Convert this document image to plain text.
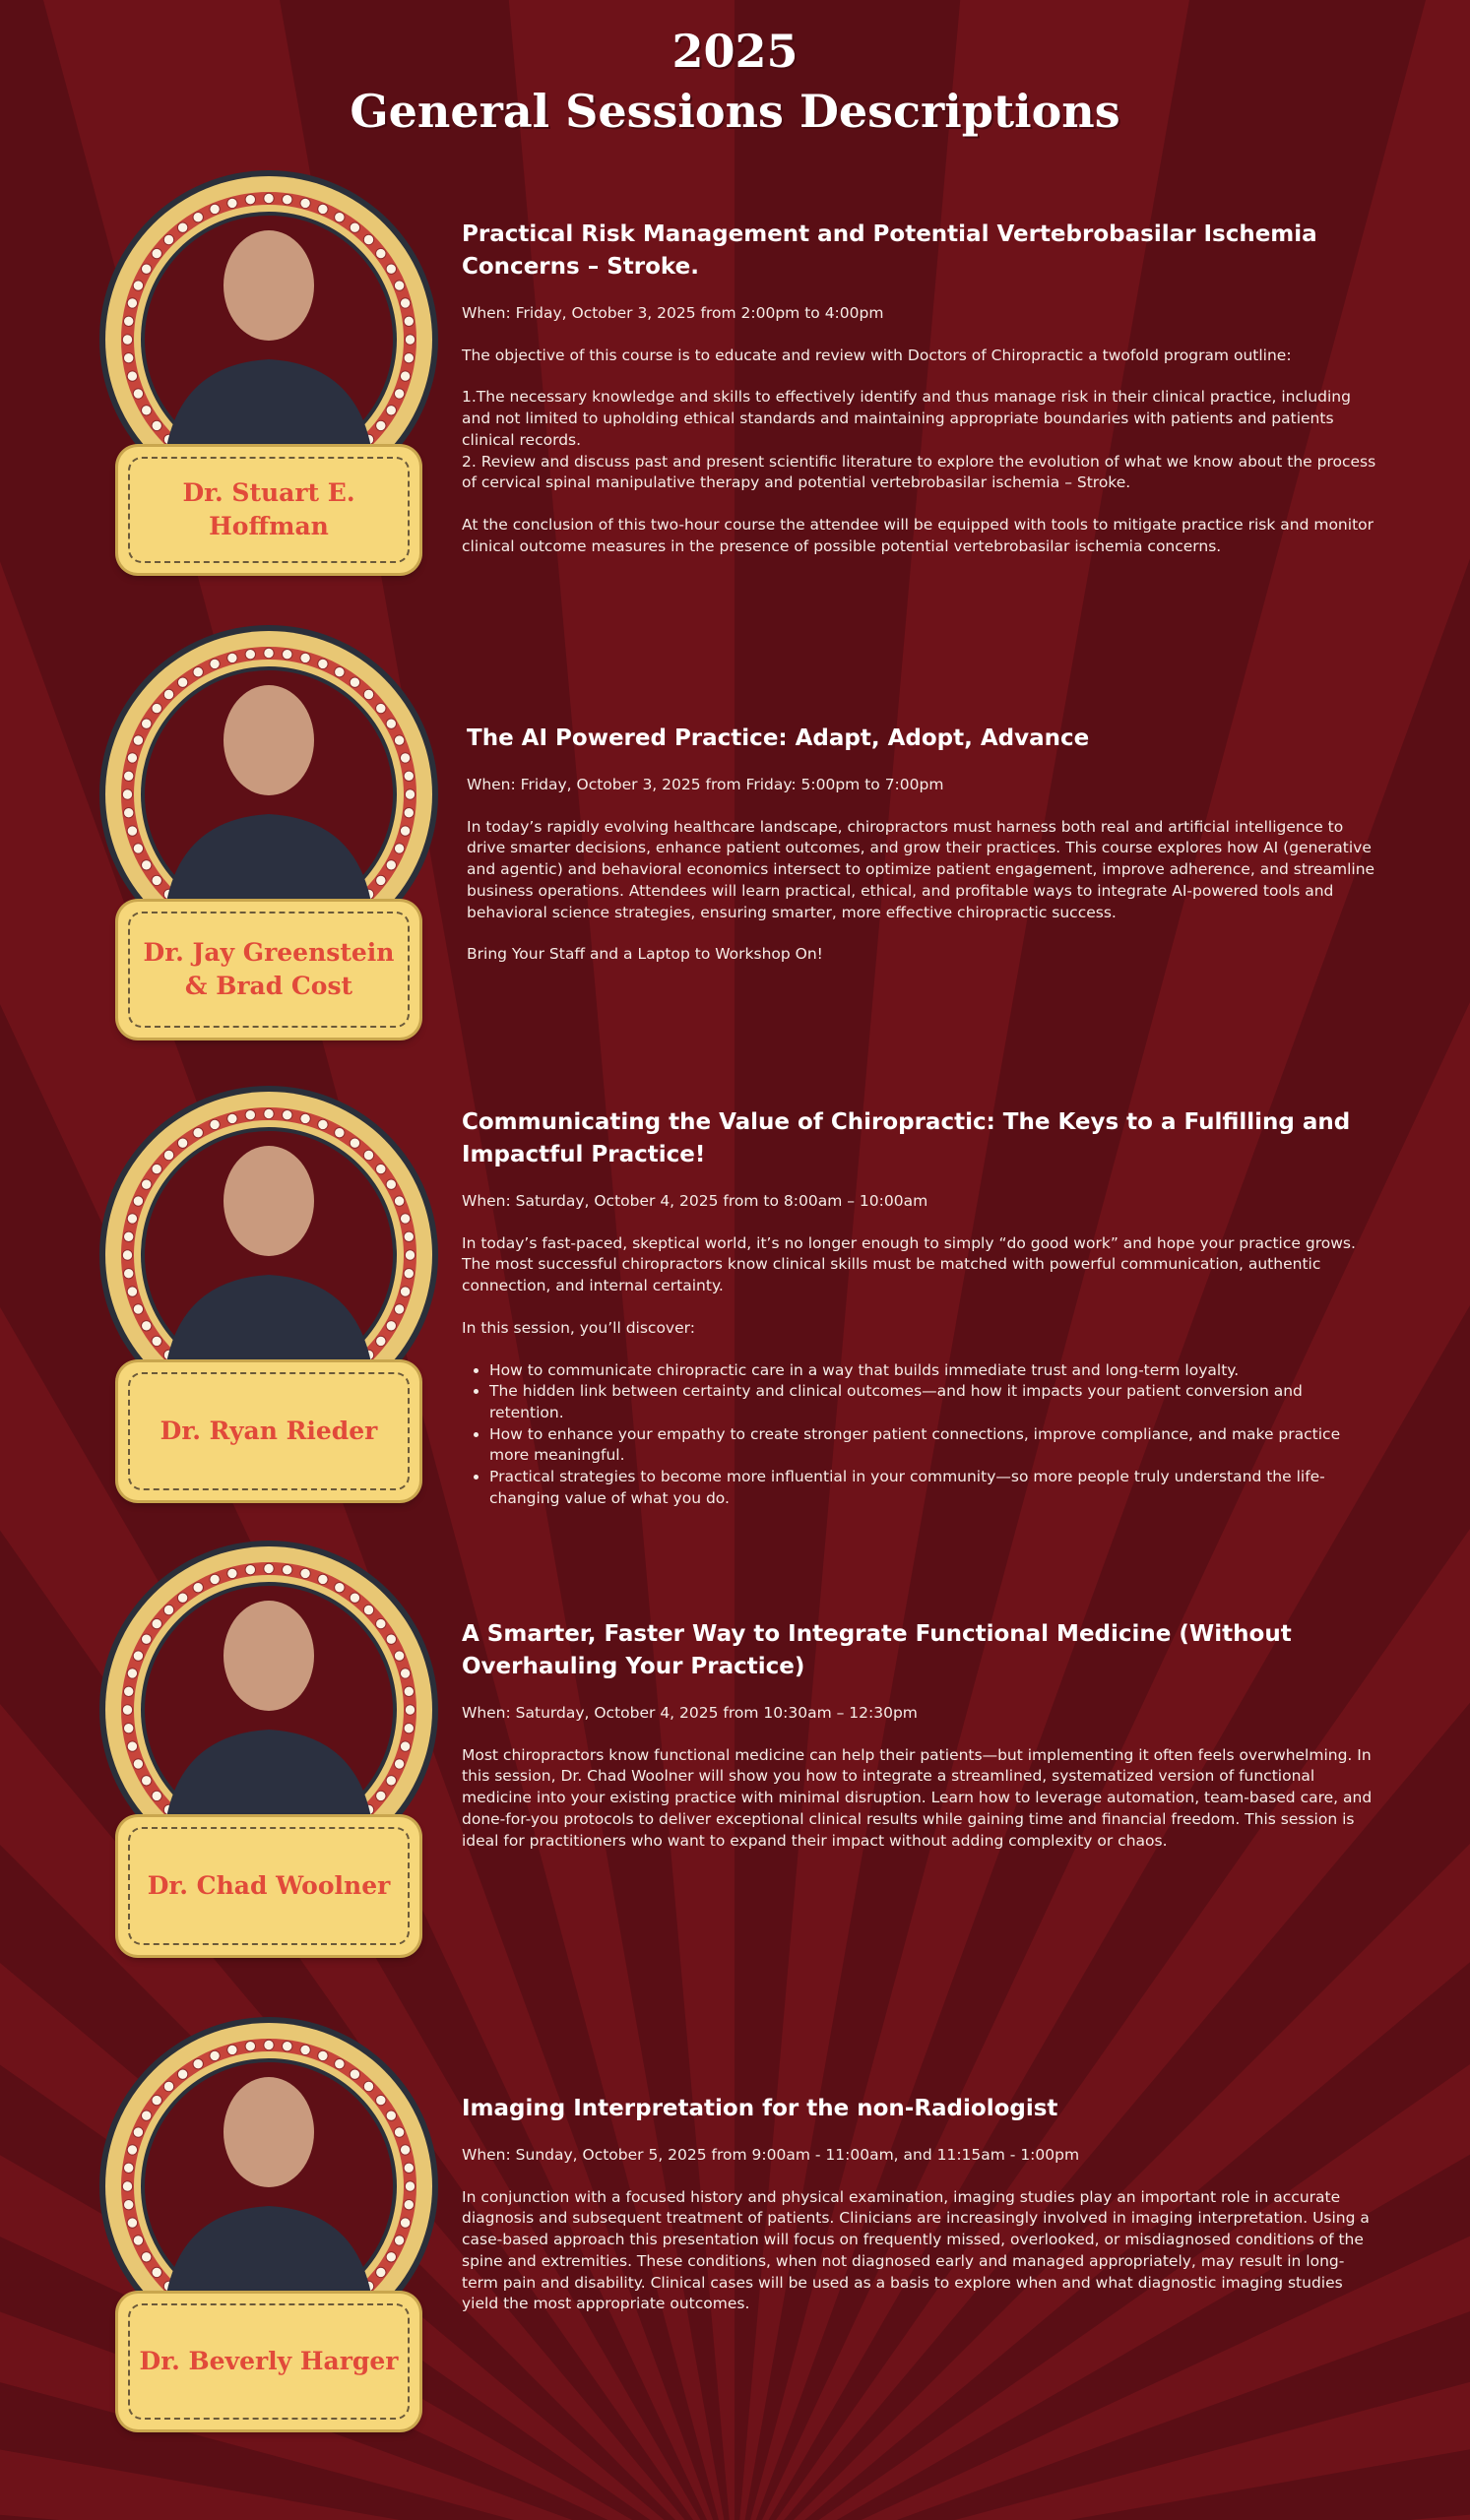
2025
General Sessions Descriptions
Dr. Stuart E. Hoffman
Practical Risk Management and Potential Vertebrobasilar Ischemia Concerns – Stroke.

When: Friday, October 3, 2025 from 2:00pm to 4:00pm

The objective of this course is to educate and review with Doctors of Chiropractic a twofold program outline:

1.The necessary knowledge and skills to effectively identify and thus manage risk in their clinical practice, including and not limited to upholding ethical standards and maintaining appropriate boundaries with patients and patients clinical records.

2. Review and discuss past and present scientific literature to explore the evolution of what we know about the process of cervical spinal manipulative therapy and potential vertebrobasilar ischemia – Stroke.

At the conclusion of this two-hour course the attendee will be equipped with tools to mitigate practice risk and monitor clinical outcome measures in the presence of possible potential vertebrobasilar ischemia concerns.

Dr. Jay Greenstein & Brad Cost
The AI Powered Practice: Adapt, Adopt, Advance

When: Friday, October 3, 2025 from Friday: 5:00pm to 7:00pm

In today’s rapidly evolving healthcare landscape, chiropractors must harness both real and artificial intelligence to drive smarter decisions, enhance patient outcomes, and grow their practices. This course explores how AI (generative and agentic) and behavioral economics intersect to optimize patient engagement, improve adherence, and streamline business operations. Attendees will learn practical, ethical, and profitable ways to integrate AI-powered tools and behavioral science strategies, ensuring smarter, more effective chiropractic success.

Bring Your Staff and a Laptop to Workshop On!

Dr. Ryan Rieder
Communicating the Value of Chiropractic: The Keys to a Fulfilling and Impactful Practice!

When: Saturday, October 4, 2025 from to 8:00am – 10:00am

In today’s fast-paced, skeptical world, it’s no longer enough to simply “do good work” and hope your practice grows. The most successful chiropractors know clinical skills must be matched with powerful communication, authentic connection, and internal certainty.

In this session, you’ll discover:

• How to communicate chiropractic care in a way that builds immediate trust and long-term loyalty.
• The hidden link between certainty and clinical outcomes—and how it impacts your patient conversion and retention.
• How to enhance your empathy to create stronger patient connections, improve compliance, and make practice more meaningful.
• Practical strategies to become more influential in your community—so more people truly understand the life-changing value of what you do.
Dr. Chad Woolner
A Smarter, Faster Way to Integrate Functional Medicine (Without Overhauling Your Practice)

When: Saturday, October 4, 2025 from 10:30am – 12:30pm

Most chiropractors know functional medicine can help their patients—but implementing it often feels overwhelming. In this session, Dr. Chad Woolner will show you how to integrate a streamlined, systematized version of functional medicine into your existing practice with minimal disruption. Learn how to leverage automation, team-based care, and done-for-you protocols to deliver exceptional clinical results while gaining time and financial freedom. This session is ideal for practitioners who want to expand their impact without adding complexity or chaos.

Dr. Beverly Harger
Imaging Interpretation for the non-Radiologist

When: Sunday, October 5, 2025 from 9:00am - 11:00am, and 11:15am - 1:00pm

In conjunction with a focused history and physical examination, imaging studies play an important role in accurate diagnosis and subsequent treatment of patients. Clinicians are increasingly involved in imaging interpretation. Using a case-based approach this presentation will focus on frequently missed, overlooked, or misdiagnosed conditions of the spine and extremities. These conditions, when not diagnosed early and managed appropriately, may result in long-term pain and disability. Clinical cases will be used as a basis to explore when and what diagnostic imaging studies yield the most appropriate outcomes.
